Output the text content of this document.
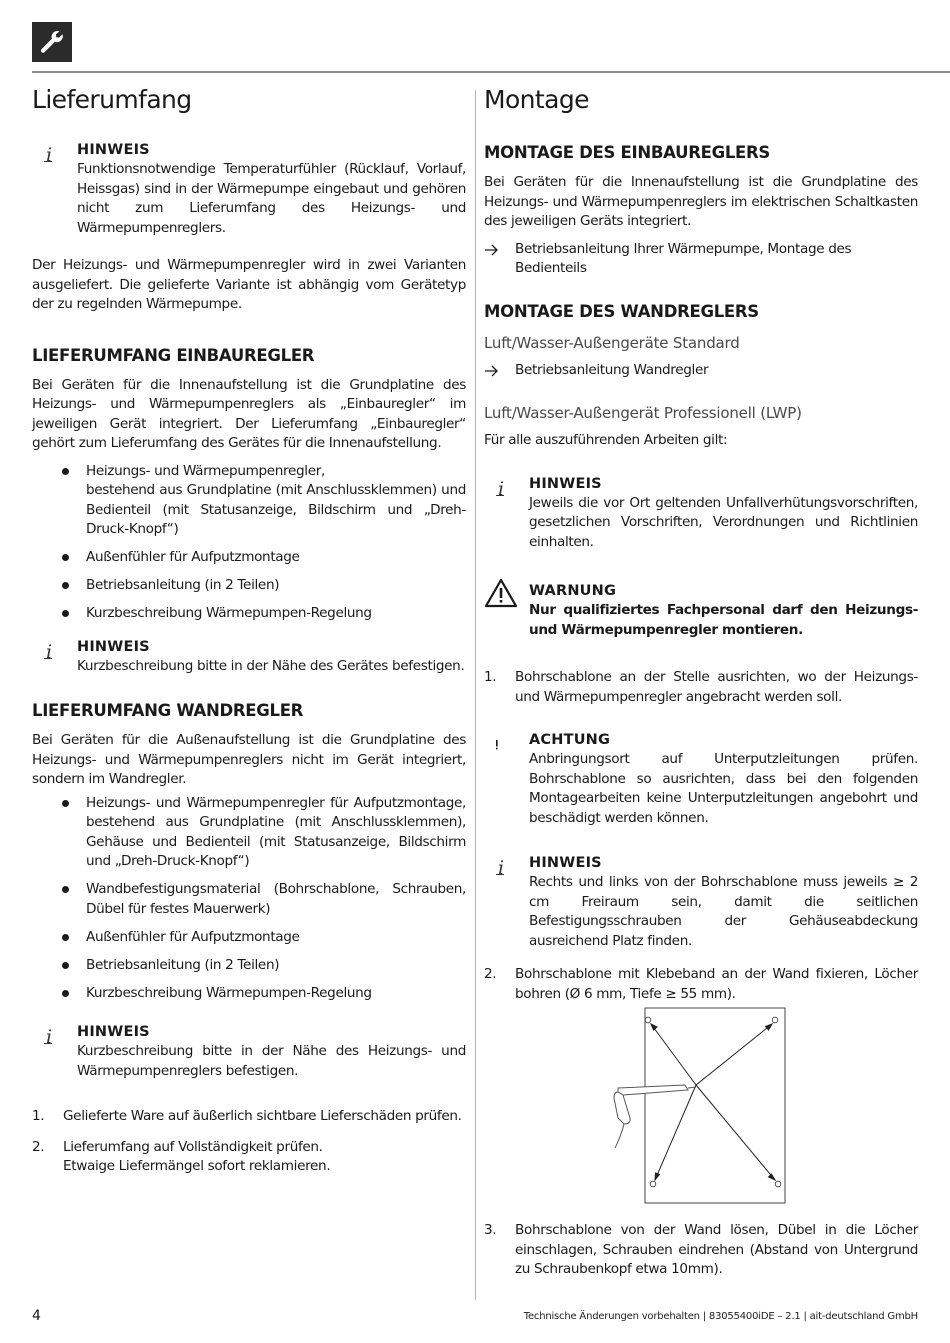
Lieferumfang
i HINWEIS
Funktionsnotwendige Temperaturfühler (Rücklauf, Vorlauf, Heissgas) sind in der Wärmepumpe eingebaut und gehören nicht zum Lieferumfang des Heizungs- und Wärmepumpenreglers.

Der Heizungs- und Wärmepumpenregler wird in zwei Varianten ausgeliefert. Die gelieferte Variante ist abhängig vom Gerätetyp der zu regelnden Wärmepumpe.

LIEFERUMFANG EINBAUREGLER

Bei Geräten für die Innenaufstellung ist die Grundplatine des Heizungs- und Wärmepumpenreglers als „Einbauregler“ im jeweiligen Gerät integriert. Der Lieferumfang „Einbauregler“ gehört zum Lieferumfang des Gerätes für die Innenaufstellung.

Heizungs- und Wärmepumpenregler,
bestehend aus Grundplatine (mit Anschlussklemmen) und Bedienteil (mit Statusanzeige, Bildschirm und „Dreh-Druck-Knopf“)
Außenfühler für Aufputzmontage
Betriebsanleitung (in 2 Teilen)
Kurzbeschreibung Wärmepumpen-Regelung
i HINWEIS
Kurzbeschreibung bitte in der Nähe des Gerätes befestigen.
LIEFERUMFANG WANDREGLER

Bei Geräten für die Außenaufstellung ist die Grundplatine des Heizungs- und Wärmepumpenreglers nicht im Gerät integriert, sondern im Wandregler.

Heizungs- und Wärmepumpenregler für Aufputzmontage, bestehend aus Grundplatine (mit Anschlussklemmen), Gehäuse und Bedienteil (mit Statusanzeige, Bildschirm und „Dreh-Druck-Knopf“)
Wandbefestigungsmaterial (Bohrschablone, Schrauben, Dübel für festes Mauerwerk)
Außenfühler für Aufputzmontage
Betriebsanleitung (in 2 Teilen)
Kurzbeschreibung Wärmepumpen-Regelung
i HINWEIS
Kurzbeschreibung bitte in der Nähe des Heizungs- und Wärmepumpenreglers befestigen.
1. Gelieferte Ware auf äußerlich sichtbare Lieferschäden prüfen.
2. Lieferumfang auf Vollständigkeit prüfen.
Etwaige Liefermängel sofort reklamieren.
Montage
MONTAGE DES EINBAUREGLERS

Bei Geräten für die Innenaufstellung ist die Grundplatine des Heizungs- und Wärmepumpenreglers im elektrischen Schaltkasten des jeweiligen Geräts integriert.

Betriebsanleitung Ihrer Wärmepumpe, Montage des Bedienteils
MONTAGE DES WANDREGLERS
Luft/Wasser-Außengeräte Standard
Betriebsanleitung Wandregler
Luft/Wasser-Außengerät Professionell (LWP)

Für alle auszuführenden Arbeiten gilt:

i HINWEIS
Jeweils die vor Ort geltenden Unfallverhütungsvorschriften, gesetzlichen Vorschriften, Verordnungen und Richtlinien einhalten.
WARNUNG
Nur qualifiziertes Fachpersonal darf den Heizungs- und Wärmepumpenregler montieren.
1. Bohrschablone an der Stelle ausrichten, wo der Heizungs- und Wärmepumpenregler angebracht werden soll.
ACHTUNG
Anbringungsort auf Unterputzleitungen prüfen. Bohrschablone so ausrichten, dass bei den folgenden Montagearbeiten keine Unterputzleitungen angebohrt und beschädigt werden können.
i HINWEIS
Rechts und links von der Bohrschablone muss jeweils ≥ 2 cm Freiraum sein, damit die seitlichen Befestigungsschrauben der Gehäuseabdeckung ausreichend Platz finden.
2. Bohrschablone mit Klebeband an der Wand fixieren, Löcher bohren (Ø 6 mm, Tiefe ≥ 55 mm).
3. Bohrschablone von der Wand lösen, Dübel in die Löcher einschlagen, Schrauben eindrehen (Abstand von Untergrund zu Schraubenkopf etwa 10mm).
4	Technische Änderungen vorbehalten | 83055400iDE – 2.1 | ait-deutschland GmbH
